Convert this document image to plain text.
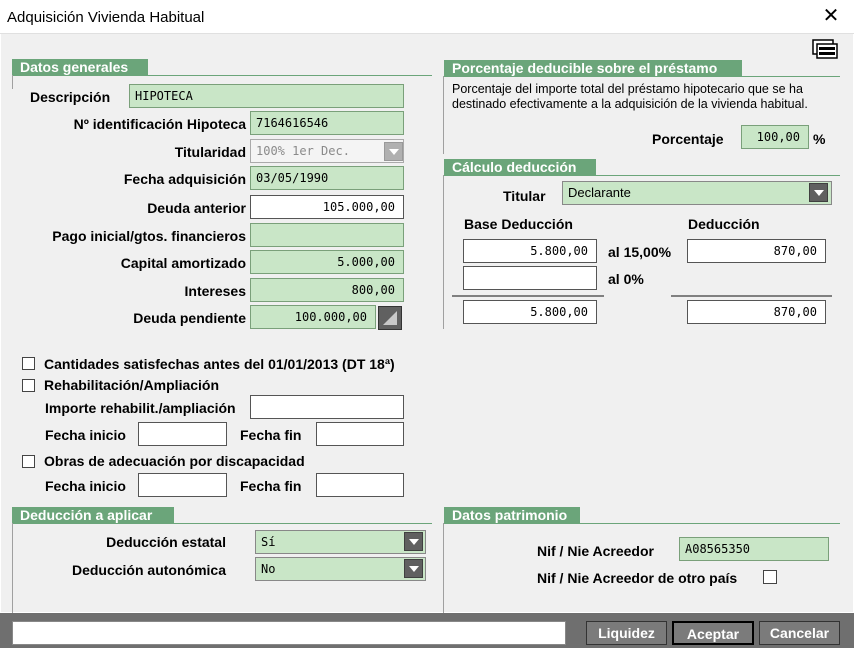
Adquisición Vivienda Habitual	✕
Datos generales
Descripción	HIPOTECA
Nº identificación Hipoteca 7164616546
Titularidad 100% 1er Dec.
Fecha adquisición 03/05/1990
Deuda anterior	105.000,00
Pago inicial/gtos. financieros
Capital amortizado	5.000,00
Intereses	800,00
Deuda pendiente	100.000,00
Cantidades satisfechas antes del 01/01/2013 (DT 18ª)
Rehabilitación/Ampliación
Importe rehabilit./ampliación
Fecha inicio	Fecha fin
Obras de adecuación por discapacidad
Fecha inicio	Fecha fin
Porcentaje deducible sobre el préstamo
Porcentaje del importe total del préstamo hipotecario que se ha destinado efectivamente a la adquisición de la vivienda habitual.
Porcentaje	100,00 %
Cálculo deducción
Titular	Declarante
Base Deducción	Deducción
5.800,00	al 15,00%	870,00
al 0%
5.800,00	870,00
Deducción a aplicar
Deducción estatal	Sí
Deducción autonómica	No
Datos patrimonio
Nif / Nie Acreedor	A08565350
Nif / Nie Acreedor de otro país
Liquidez	Aceptar	Cancelar
